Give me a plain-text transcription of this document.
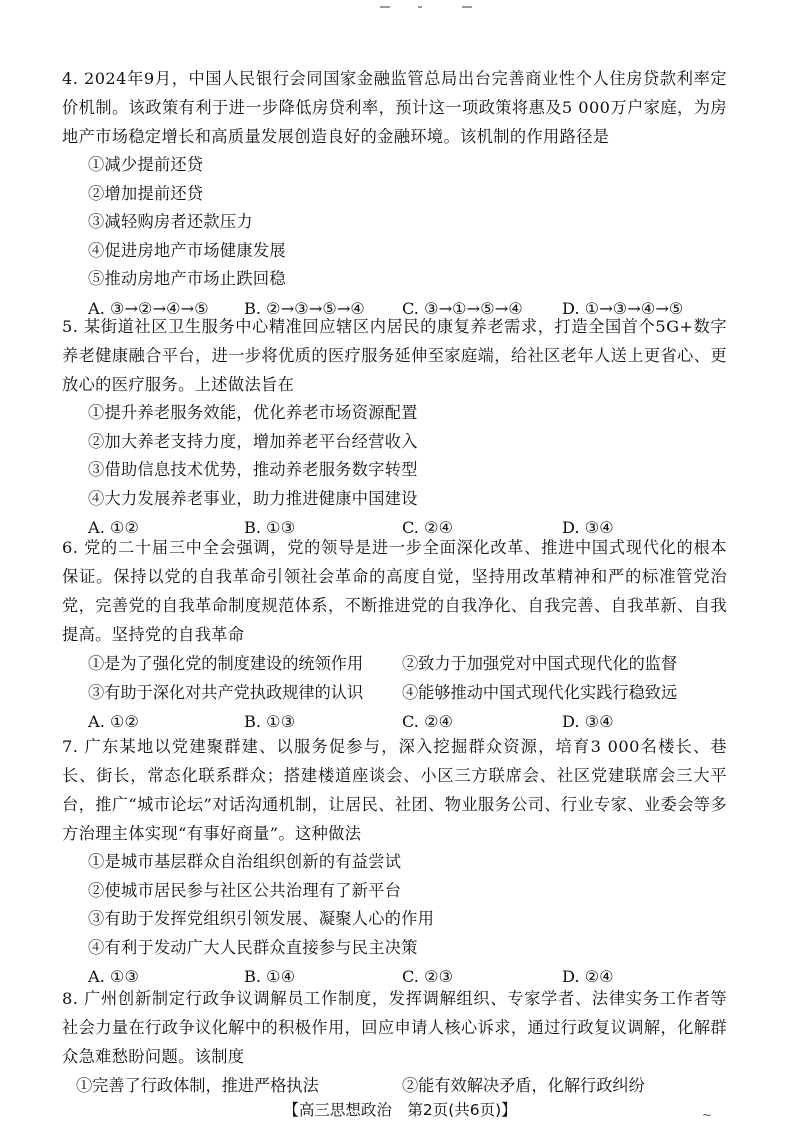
4. 2024年9月，中国人民银行会同国家金融监管总局出台完善商业性个人住房贷款利率定价机制。该政策有利于进一步降低房贷利率，预计这一项政策将惠及5 000万户家庭，为房地产市场稳定增长和高质量发展创造良好的金融环境。该机制的作用路径是

①减少提前还贷

②增加提前还贷

③减轻购房者还款压力

④促进房地产市场健康发展

⑤推动房地产市场止跌回稳

A. ③→②→④→⑤ B. ②→③→⑤→④ C. ③→①→⑤→④ D. ①→③→④→⑤

5. 某街道社区卫生服务中心精准回应辖区内居民的康复养老需求，打造全国首个5G+数字养老健康融合平台，进一步将优质的医疗服务延伸至家庭端，给社区老年人送上更省心、更放心的医疗服务。上述做法旨在

①提升养老服务效能，优化养老市场资源配置

②加大养老支持力度，增加养老平台经营收入

③借助信息技术优势，推动养老服务数字转型

④大力发展养老事业，助力推进健康中国建设

A. ①②	B. ①③	C. ②④	D. ③④

6. 党的二十届三中全会强调，党的领导是进一步全面深化改革、推进中国式现代化的根本保证。保持以党的自我革命引领社会革命的高度自觉，坚持用改革精神和严的标准管党治党，完善党的自我革命制度规范体系，不断推进党的自我净化、自我完善、自我革新、自我提高。坚持党的自我革命

①是为了强化党的制度建设的统领作用 ②致力于加强党对中国式现代化的监督
③有助于深化对共产党执政规律的认识 ④能够推动中国式现代化实践行稳致远
A. ①②	B. ①③	C. ②④	D. ③④

7. 广东某地以党建聚群建、以服务促参与，深入挖掘群众资源，培育3 000名楼长、巷长、街长，常态化联系群众；搭建楼道座谈会、小区三方联席会、社区党建联席会三大平台，推广“城市论坛”对话沟通机制，让居民、社团、物业服务公司、行业专家、业委会等多方治理主体实现“有事好商量”。这种做法

①是城市基层群众自治组织创新的有益尝试

②使城市居民参与社区公共治理有了新平台

③有助于发挥党组织引领发展、凝聚人心的作用

④有利于发动广大人民群众直接参与民主决策

A. ①③	B. ①④	C. ②③	D. ②④

8. 广州创新制定行政争议调解员工作制度，发挥调解组织、专家学者、法律实务工作者等社会力量在行政争议化解中的积极作用，回应申请人核心诉求，通过行政复议调解，化解群众急难愁盼问题。该制度

①完善了行政体制，推进严格执法	②能有效解决矛盾，化解行政纠纷
【高三思想政治　第2页(共6页)】	~
